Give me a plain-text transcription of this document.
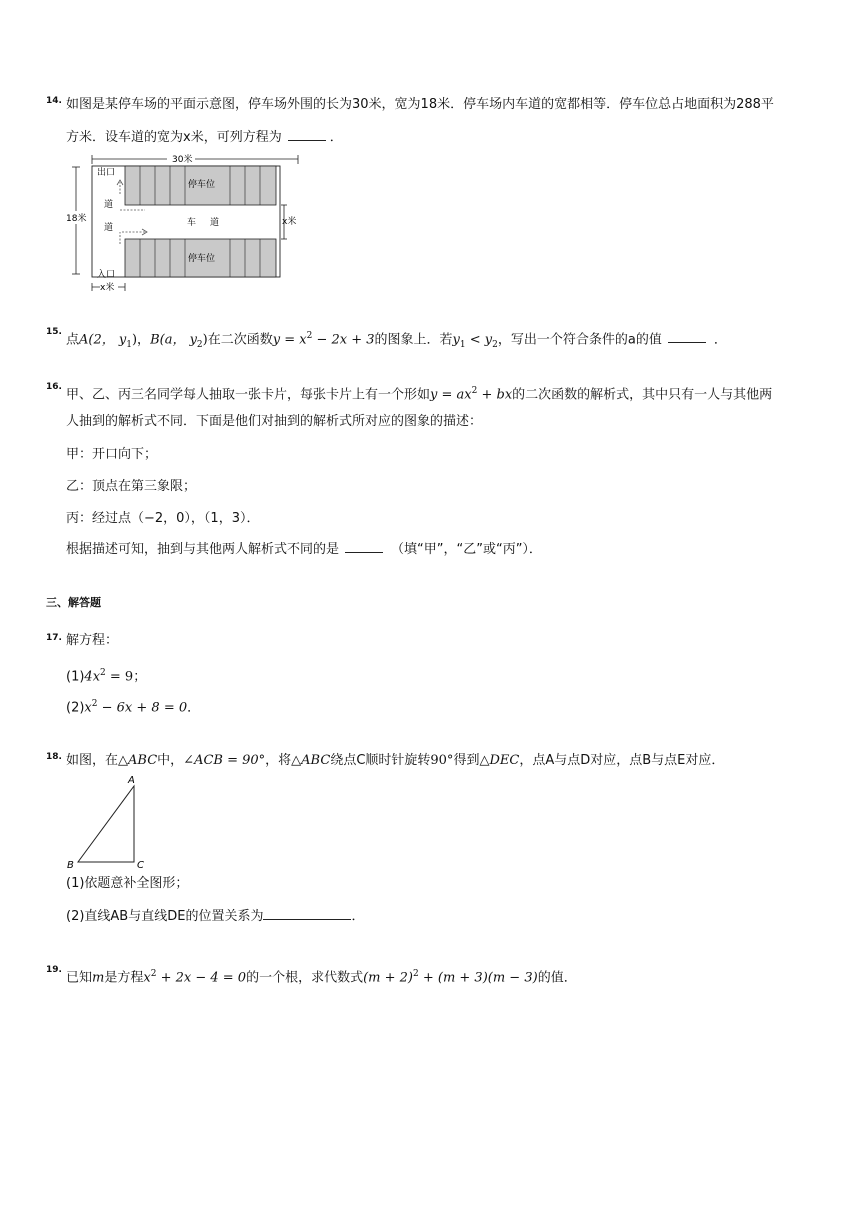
14. 如图是某停车场的平面示意图，停车场外围的长为30米，宽为18米．停车场内车道的宽都相等．停车位总占地面积为288平
方米．设车道的宽为x米，可列方程为	．
30米
18米
停车位
停车位
车 道
出口
入口
道
道
x米
x米
15.
点A(2， $y_1$)，B(a， $y_2$)在二次函数$y = x^2 - 2x + 3$的图象上．若$y_1 < y_2$，写出一个符合条件的a的值	．
16.
甲、乙、丙三名同学每人抽取一张卡片，每张卡片上有一个形如$y = ax^2$ + bx的二次函数的解析式，其中只有一人与其他两
人抽到的解析式不同．下面是他们对抽到的解析式所对应的图象的描述：
甲：开口向下；
乙：顶点在第三象限；
丙：经过点（−2，0），（1，3）．
根据描述可知，抽到与其他两人解析式不同的是	（填“甲”，“乙”或“丙”）．
三、解答题
17. 解方程：
$(1)4x^2 = 9$；
$(2)x^2 - 6x + 8 = 0$．
18. 如图，在△ABC中，∠ACB = 90°，将△ABC绕点C顺时针旋转90°得到△DEC，点A与点D对应，点B与点E对应．
A
B	C
(1)依题意补全图形；
(2)直线AB与直线DE的位置关系为	．
19.
已知m是方程$x^2 + 2x - 4 = 0$的一个根，求代数式$(m + 2)^2 + (m + 3)(m - 3)$的值．
